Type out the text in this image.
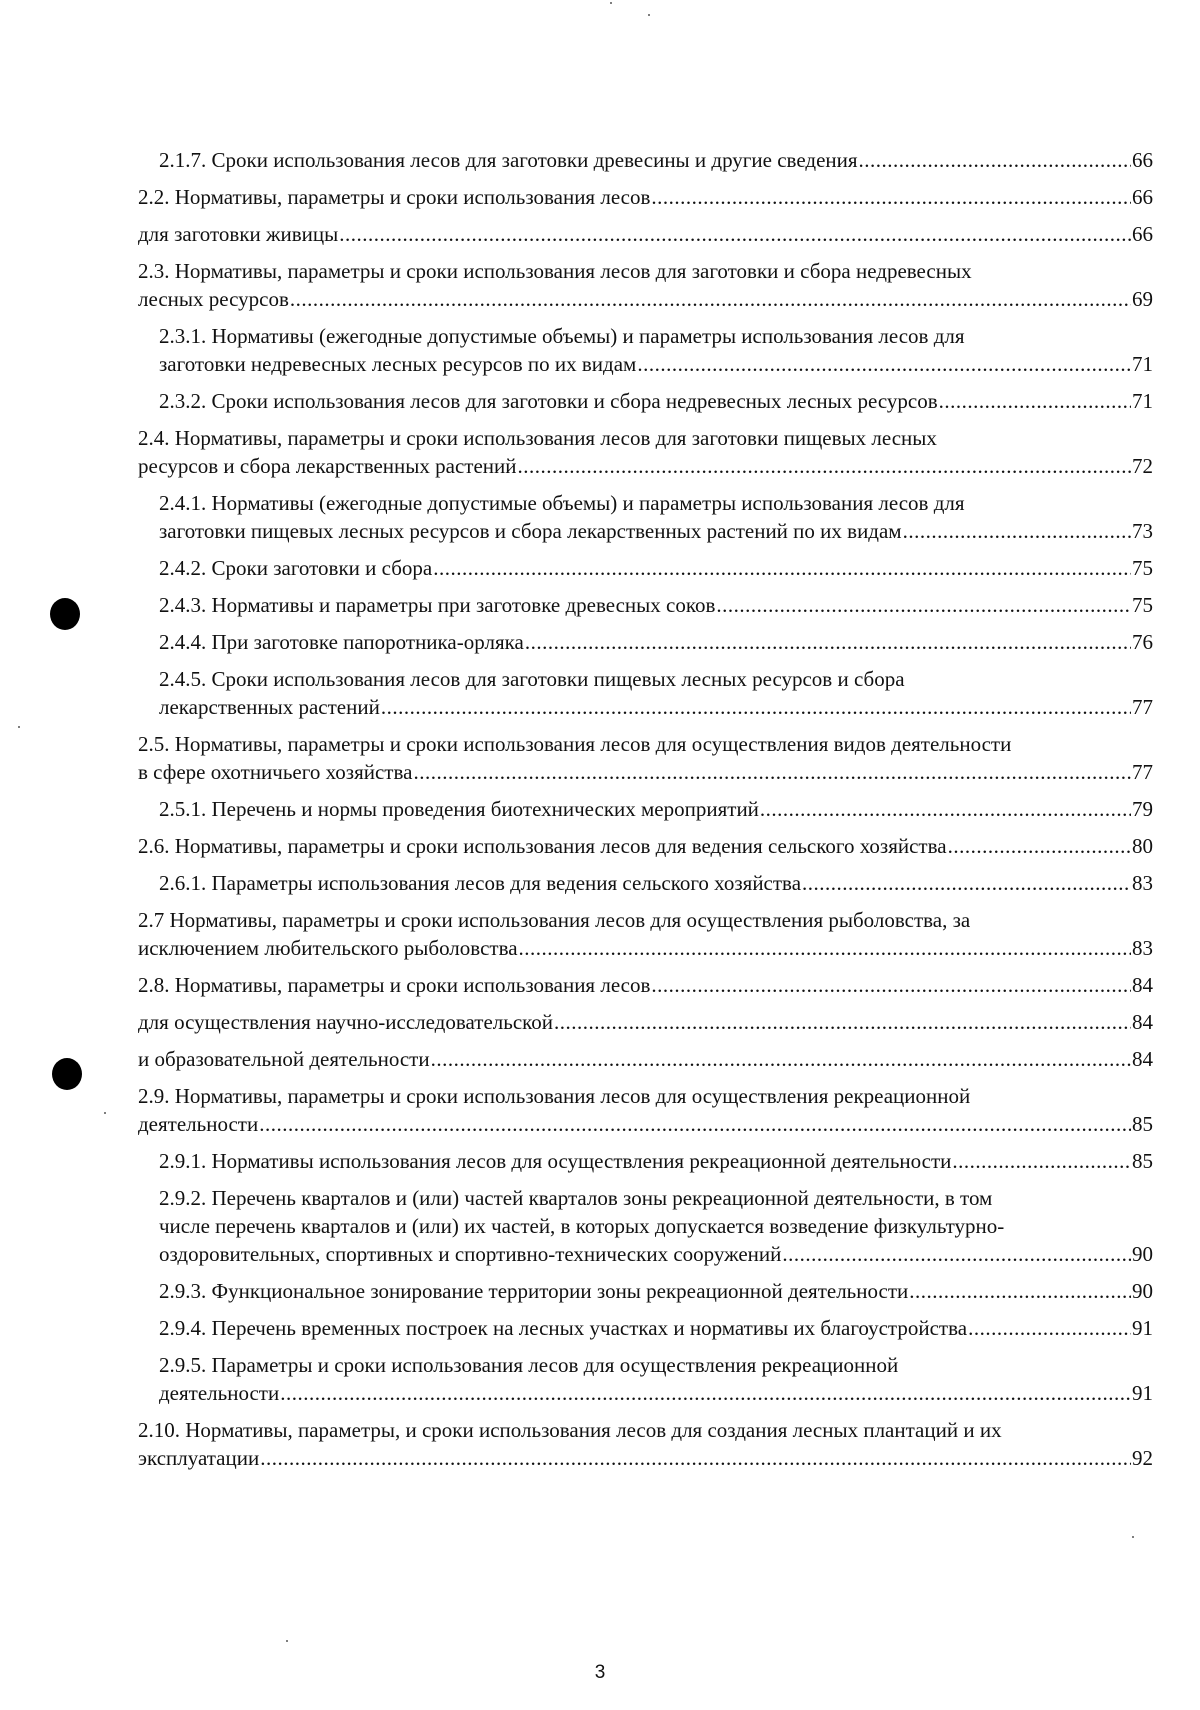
2.1.7. Сроки использования лесов для заготовки древесины и другие сведения .....	66
2.2. Нормативы, параметры и сроки использования лесов .....	66
для заготовки живицы .....	66
2.3. Нормативы, параметры и сроки использования лесов для заготовки и сбора недревесных
лесных ресурсов .....	69
2.3.1. Нормативы (ежегодные допустимые объемы) и параметры использования лесов для
заготовки недревесных лесных ресурсов по их видам .....	71
2.3.2. Сроки использования лесов для заготовки и сбора недревесных лесных ресурсов .....	71
2.4. Нормативы, параметры и сроки использования лесов для заготовки пищевых лесных
ресурсов и сбора лекарственных растений .....	72
2.4.1. Нормативы (ежегодные допустимые объемы) и параметры использования лесов для
заготовки пищевых лесных ресурсов и сбора лекарственных растений по их видам .....	73
2.4.2. Сроки заготовки и сбора .....	75
2.4.3. Нормативы и параметры при заготовке древесных соков .....	75
2.4.4. При заготовке папоротника-орляка .....	76
2.4.5. Сроки использования лесов для заготовки пищевых лесных ресурсов и сбора
лекарственных растений .....	77
2.5. Нормативы, параметры и сроки использования лесов для осуществления видов деятельности
в сфере охотничьего хозяйства .....	77
2.5.1. Перечень и нормы проведения биотехнических мероприятий .....	79
2.6. Нормативы, параметры и сроки использования лесов для ведения сельского хозяйства .....	80
2.6.1. Параметры использования лесов для ведения сельского хозяйства .....	83
2.7 Нормативы, параметры и сроки использования лесов для осуществления рыболовства, за
исключением любительского рыболовства .....	83
2.8. Нормативы, параметры и сроки использования лесов .....	84
для осуществления научно-исследовательской .....	84
и образовательной деятельности .....	84
2.9. Нормативы, параметры и сроки использования лесов для осуществления рекреационной
деятельности .....	85
2.9.1. Нормативы использования лесов для осуществления рекреационной деятельности .....	85
2.9.2. Перечень кварталов и (или) частей кварталов зоны рекреационной деятельности, в том
числе перечень кварталов и (или) их частей, в которых допускается возведение физкультурно-
оздоровительных, спортивных и спортивно-технических сооружений .....	90
2.9.3. Функциональное зонирование территории зоны рекреационной деятельности .....	90
2.9.4. Перечень временных построек на лесных участках и нормативы их благоустройства .....	91
2.9.5. Параметры и сроки использования лесов для осуществления рекреационной
деятельности .....	91
2.10. Нормативы, параметры, и сроки использования лесов для создания лесных плантаций и их
эксплуатации .....	92
3
